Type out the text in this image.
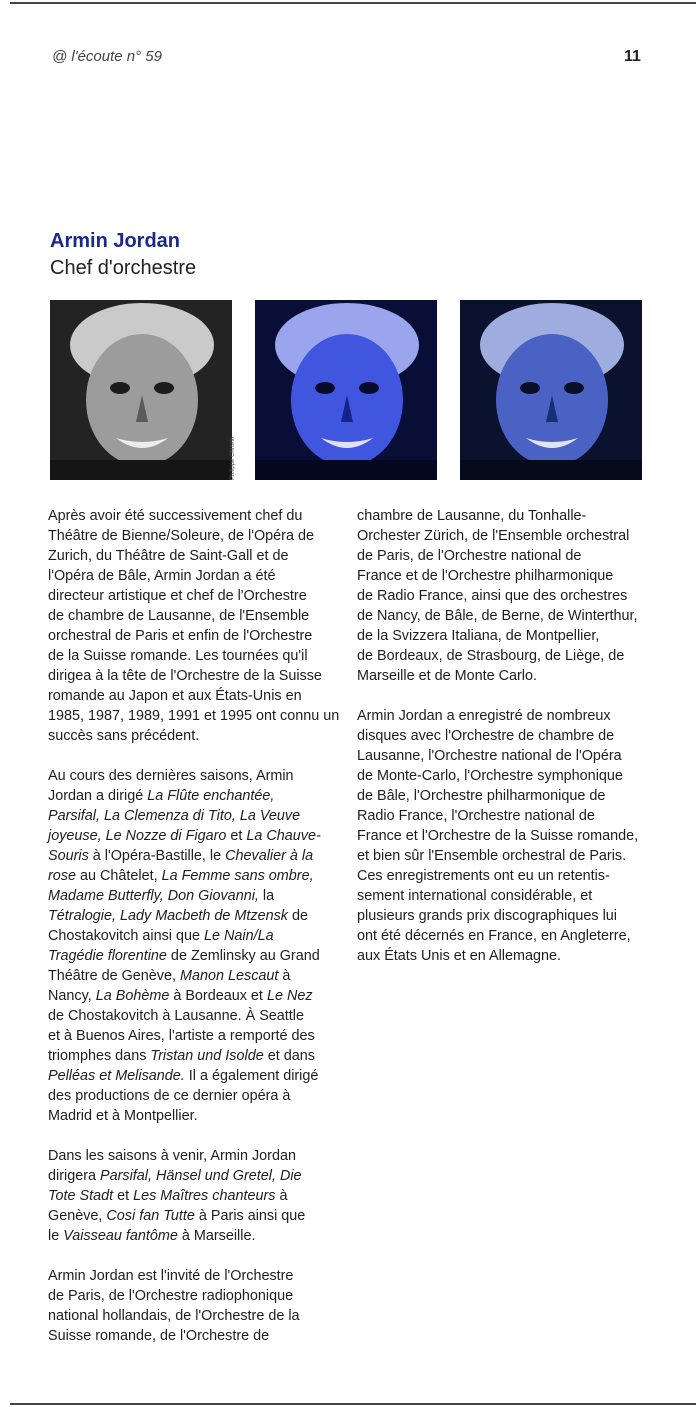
@ l'écoute n° 59	11
Armin Jordan
Chef d'orchestre
Philippe Christin

Après avoir été successivement chef du
Théâtre de Bienne/Soleure, de l'Opéra de
Zurich, du Théâtre de Saint-Gall et de
l'Opéra de Bâle, Armin Jordan a été
directeur artistique et chef de l'Orchestre
de chambre de Lausanne, de l'Ensemble
orchestral de Paris et enfin de l'Orchestre
de la Suisse romande. Les tournées qu'il
dirigea à la tête de l'Orchestre de la Suisse
romande au Japon et aux États-Unis en
1985, 1987, 1989, 1991 et 1995 ont connu un
succès sans précédent.

Au cours des dernières saisons, Armin
Jordan a dirigé La Flûte enchantée,
Parsifal, La Clemenza di Tito, La Veuve
joyeuse, Le Nozze di Figaro et La Chauve-
Souris à l'Opéra-Bastille, le Chevalier à la
rose au Châtelet, La Femme sans ombre,
Madame Butterfly, Don Giovanni, la
Tétralogie, Lady Macbeth de Mtzensk de
Chostakovitch ainsi que Le Nain/La
Tragédie florentine de Zemlinsky au Grand
Théâtre de Genève, Manon Lescaut à
Nancy, La Bohème à Bordeaux et Le Nez
de Chostakovitch à Lausanne. À Seattle
et à Buenos Aires, l'artiste a remporté des
triomphes dans Tristan und Isolde et dans
Pelléas et Melisande. Il a également dirigé
des productions de ce dernier opéra à
Madrid et à Montpellier.

Dans les saisons à venir, Armin Jordan
dirigera Parsifal, Hänsel und Gretel, Die
Tote Stadt et Les Maîtres chanteurs à
Genève, Cosi fan Tutte à Paris ainsi que
le Vaisseau fantôme à Marseille.

Armin Jordan est l'invité de l'Orchestre
de Paris, de l'Orchestre radiophonique
national hollandais, de l'Orchestre de la
Suisse romande, de l'Orchestre de

chambre de Lausanne, du Tonhalle-
Orchester Zürich, de l'Ensemble orchestral
de Paris, de l'Orchestre national de
France et de l'Orchestre philharmonique
de Radio France, ainsi que des orchestres
de Nancy, de Bâle, de Berne, de Winterthur,
de la Svizzera Italiana, de Montpellier,
de Bordeaux, de Strasbourg, de Liège, de
Marseille et de Monte Carlo.

Armin Jordan a enregistré de nombreux
disques avec l'Orchestre de chambre de
Lausanne, l'Orchestre national de l'Opéra
de Monte-Carlo, l'Orchestre symphonique
de Bâle, l'Orchestre philharmonique de
Radio France, l'Orchestre national de
France et l'Orchestre de la Suisse romande,
et bien sûr l'Ensemble orchestral de Paris.
Ces enregistrements ont eu un retentis-
sement international considérable, et
plusieurs grands prix discographiques lui
ont été décernés en France, en Angleterre,
aux États Unis et en Allemagne.
